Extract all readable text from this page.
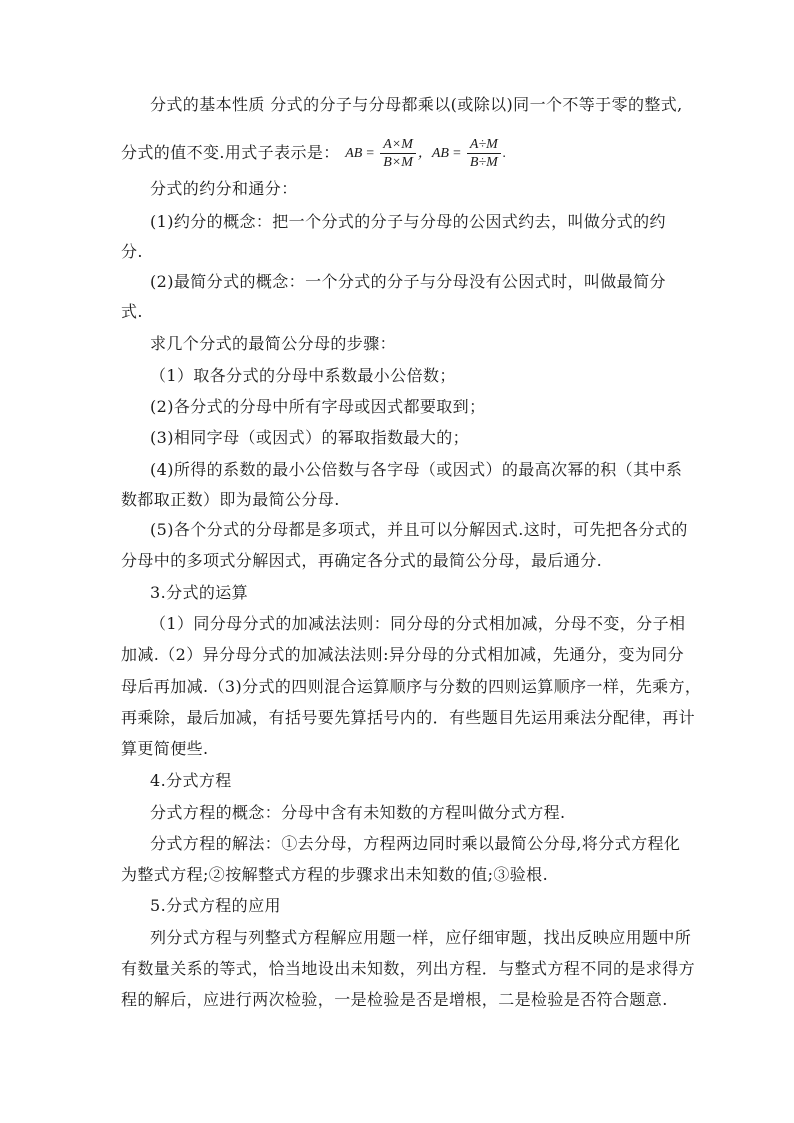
分式的基本性质 分式的分子与分母都乘以(或除以)同一个不等于零的整式,
分式的值不变.用式子表示是： AB = $\frac{A\times M}{B\times M}$ ， AB = $\frac{A\div M}{B\div M}$ .
分式的约分和通分：
(1)约分的概念：把一个分式的分子与分母的公因式约去，叫做分式的约
分.
(2)最简分式的概念：一个分式的分子与分母没有公因式时，叫做最简分
式.
求几个分式的最简公分母的步骤：
（1）取各分式的分母中系数最小公倍数；
(2)各分式的分母中所有字母或因式都要取到；
(3)相同字母（或因式）的幂取指数最大的；
(4)所得的系数的最小公倍数与各字母（或因式）的最高次幂的积（其中系
数都取正数）即为最简公分母.
(5)各个分式的分母都是多项式，并且可以分解因式.这时，可先把各分式的
分母中的多项式分解因式，再确定各分式的最简公分母，最后通分.
3.分式的运算
（1）同分母分式的加减法法则：同分母的分式相加减，分母不变，分子相
加减.（2）异分母分式的加减法法则:异分母的分式相加减，先通分，变为同分
母后再加减.（3)分式的四则混合运算顺序与分数的四则运算顺序一样，先乘方，
再乘除，最后加减，有括号要先算括号内的．有些题目先运用乘法分配律，再计
算更简便些.
4.分式方程
分式方程的概念：分母中含有未知数的方程叫做分式方程.
分式方程的解法：①去分母，方程两边同时乘以最简公分母,将分式方程化
为整式方程;②按解整式方程的步骤求出未知数的值;③验根.
5.分式方程的应用
列分式方程与列整式方程解应用题一样，应仔细审题，找出反映应用题中所
有数量关系的等式，恰当地设出未知数，列出方程．与整式方程不同的是求得方
程的解后，应进行两次检验，一是检验是否是增根，二是检验是否符合题意.
